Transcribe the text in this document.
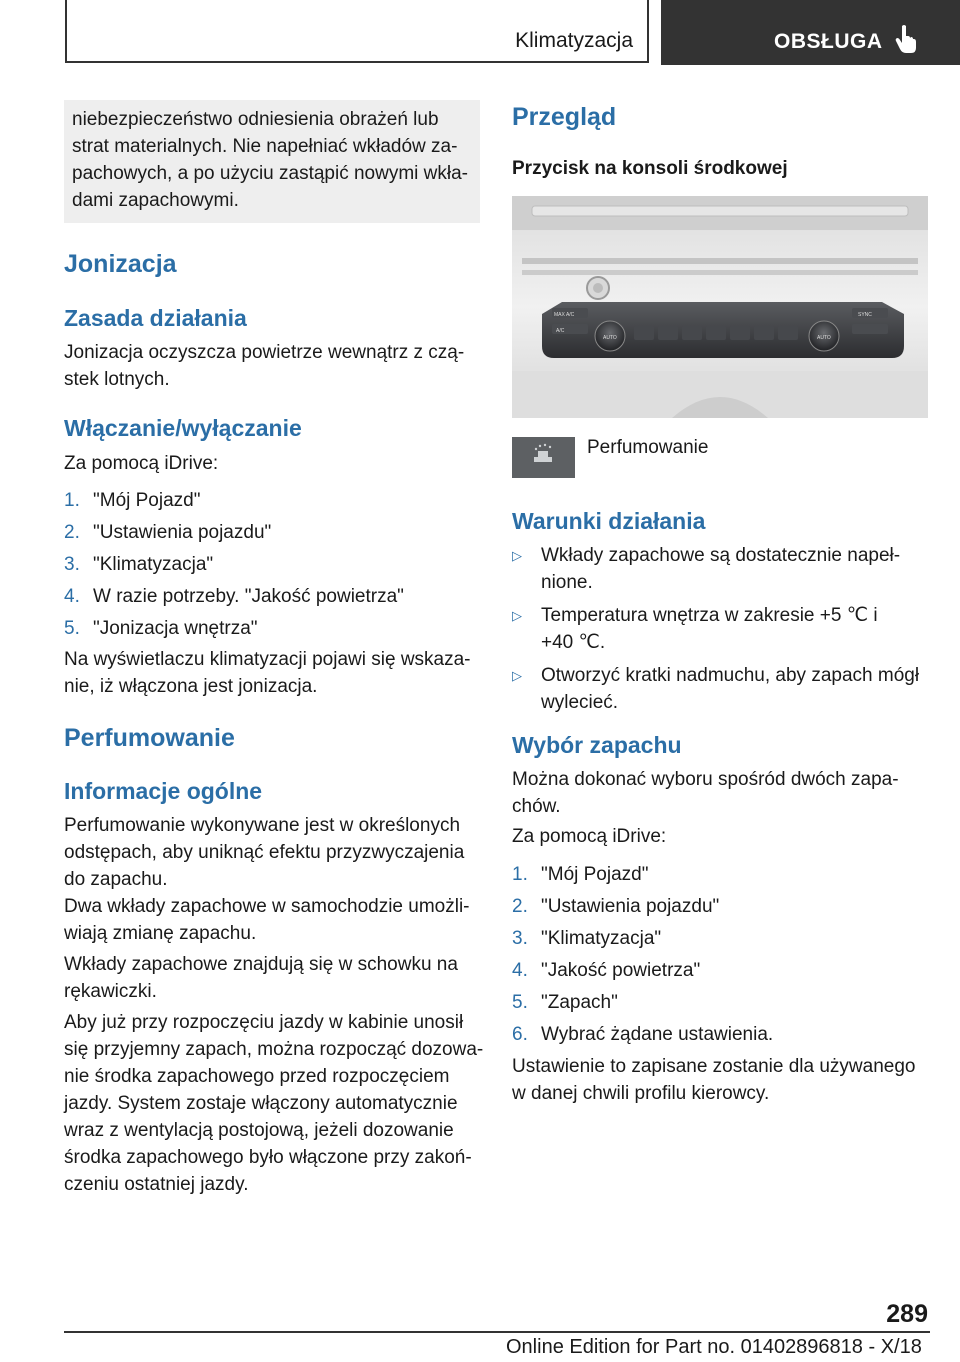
Klimatyzacja	OBSŁUGA
niebezpieczeństwo odniesienia obrażeń lub
strat materialnych. Nie napełniać wkładów za‐
pachowych, a po użyciu zastąpić nowymi wkła‐
dami zapachowymi.
Jonizacja
Zasada działania
Jonizacja oczyszcza powietrze wewnątrz z czą‐
stek lotnych.
Włączanie/wyłączanie
Za pomocą iDrive:
1. "Mój Pojazd"
2. "Ustawienia pojazdu"
3. "Klimatyzacja"
4. W razie potrzeby. "Jakość powietrza"
5. "Jonizacja wnętrza"
Na wyświetlaczu klimatyzacji pojawi się wskaza‐
nie, iż włączona jest jonizacja.
Perfumowanie
Informacje ogólne
Perfumowanie wykonywane jest w określonych
odstępach, aby uniknąć efektu przyzwyczajenia
do zapachu.
Dwa wkłady zapachowe w samochodzie umożli‐
wiają zmianę zapachu.
Wkłady zapachowe znajdują się w schowku na
rękawiczki.
Aby już przy rozpoczęciu jazdy w kabinie unosił
się przyjemny zapach, można rozpocząć dozowa‐
nie środka zapachowego przed rozpoczęciem
jazdy. System zostaje włączony automatycznie
wraz z wentylacją postojową, jeżeli dozowanie
środka zapachowego było włączone przy zakoń‐
czeniu ostatniej jazdy.
Przegląd
Przycisk na konsoli środkowej
MAX A/C
A/C
AUTO	AUTO
SYNC
Perfumowanie
Warunki działania
▷ Wkłady zapachowe są dostatecznie napeł‐
nione.
▷ Temperatura wnętrza w zakresie +5 ℃ i
+40 ℃.
▷ Otworzyć kratki nadmuchu, aby zapach mógł
wylecieć.
Wybór zapachu
Można dokonać wyboru spośród dwóch zapa‐
chów.
Za pomocą iDrive:
1. "Mój Pojazd"
2. "Ustawienia pojazdu"
3. "Klimatyzacja"
4. "Jakość powietrza"
5. "Zapach"
6. Wybrać żądane ustawienia.
Ustawienie to zapisane zostanie dla używanego
w danej chwili profilu kierowcy.
289
Online Edition for Part no. 01402896818 - X/18
